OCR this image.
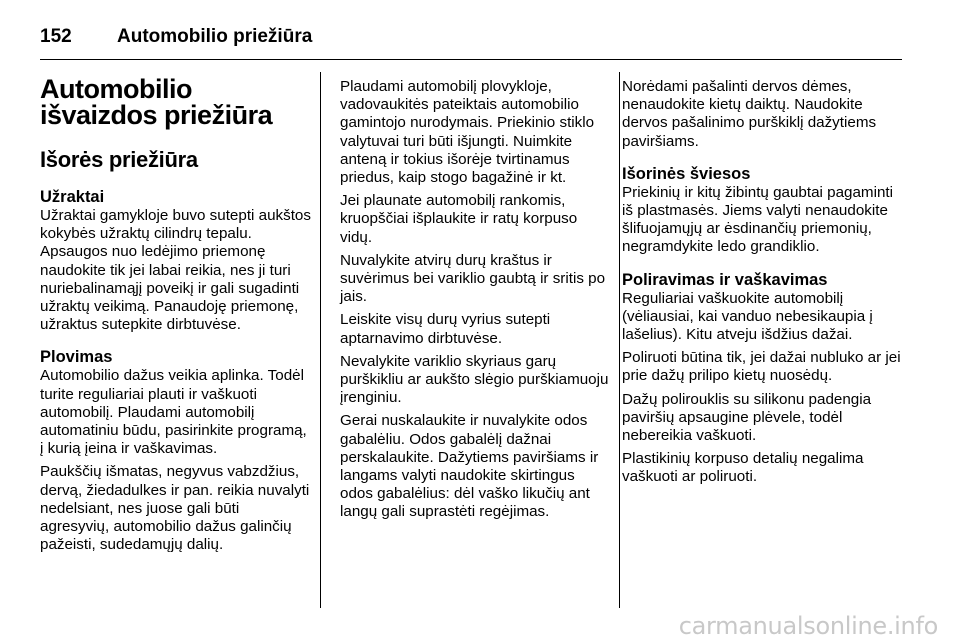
152 Automobilio priežiūra
Automobilio išvaizdos priežiūra
Išorės priežiūra
Užraktai

Užraktai gamykloje buvo sutepti aukštos kokybės užraktų cilindrų tepalu. Apsaugos nuo ledėjimo priemonę naudokite tik jei labai reikia, nes ji turi nuriebalinamąjį poveikį ir gali sugadinti užraktų veikimą. Panaudoję priemonę, užraktus sutepkite dirbtuvėse.

Plovimas

Automobilio dažus veikia aplinka. Todėl turite reguliariai plauti ir vaškuoti automobilį. Plaudami automobilį automatiniu būdu, pasirinkite programą, į kurią įeina ir vaškavimas.

Paukščių išmatas, negyvus vabzdžius, dervą, žiedadulkes ir pan. reikia nuvalyti nedelsiant, nes juose gali būti agresyvių, automobilio dažus galinčių pažeisti, sudedamųjų dalių.

Plaudami automobilį plovykloje, vadovaukitės pateiktais automobilio gamintojo nurodymais. Priekinio stiklo valytuvai turi būti išjungti. Nuimkite anteną ir tokius išorėje tvirtinamus priedus, kaip stogo bagažinė ir kt.

Jei plaunate automobilį rankomis, kruopščiai išplaukite ir ratų korpuso vidų.

Nuvalykite atvirų durų kraštus ir suvėrimus bei variklio gaubtą ir sritis po jais.

Leiskite visų durų vyrius sutepti aptarnavimo dirbtuvėse.

Nevalykite variklio skyriaus garų purškikliu ar aukšto slėgio purškiamuoju įrenginiu.

Gerai nuskalaukite ir nuvalykite odos gabalėliu. Odos gabalėlį dažnai perskalaukite. Dažytiems paviršiams ir langams valyti naudokite skirtingus odos gabalėlius: dėl vaško likučių ant langų gali suprastėti regėjimas.

Norėdami pašalinti dervos dėmes, nenaudokite kietų daiktų. Naudokite dervos pašalinimo purškiklį dažytiems paviršiams.

Išorinės šviesos

Priekinių ir kitų žibintų gaubtai pagaminti iš plastmasės. Jiems valyti nenaudokite šlifuojamųjų ar ėsdinančių priemonių, negramdykite ledo grandiklio.

Poliravimas ir vaškavimas

Reguliariai vaškuokite automobilį (vėliausiai, kai vanduo nebesikaupia į lašelius). Kitu atveju išdžius dažai.

Poliruoti būtina tik, jei dažai nubluko ar jei prie dažų prilipo kietų nuosėdų.

Dažų polirouklis su silikonu padengia paviršių apsaugine plėvele, todėl nebereikia vaškuoti.

Plastikinių korpuso detalių negalima vaškuoti ar poliruoti.

carmanualsonline.info
